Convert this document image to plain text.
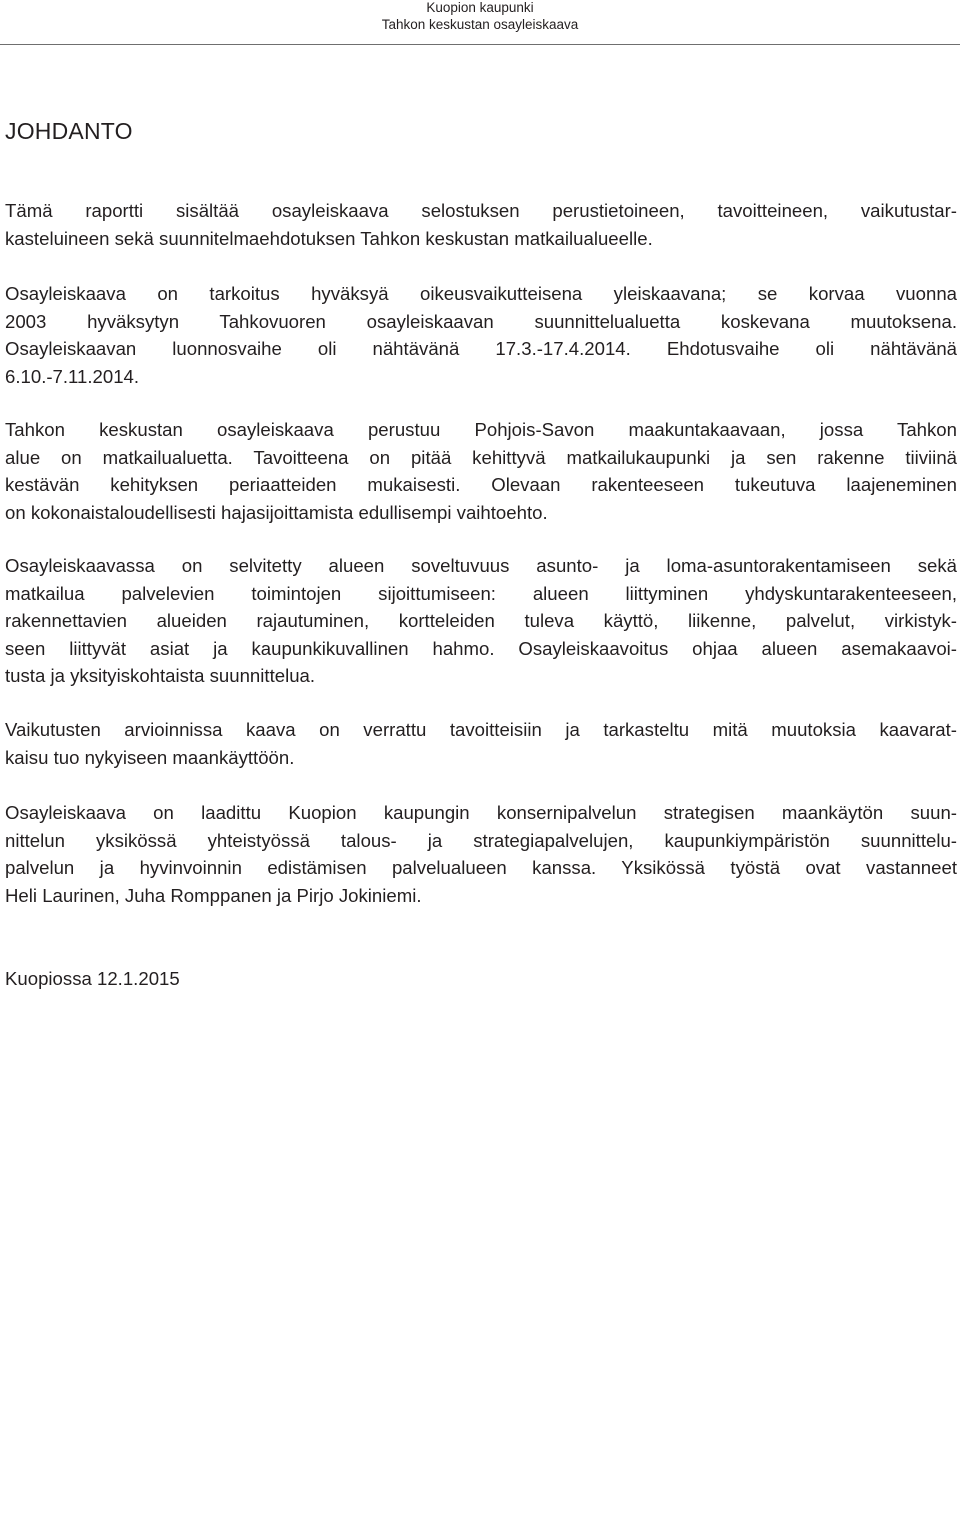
Kuopion kaupunki
Tahkon keskustan osayleiskaava
JOHDANTO

Tämä raportti sisältää osayleiskaava selostuksen perustietoineen, tavoitteineen, vaikutustar-
kasteluineen sekä suunnitelmaehdotuksen Tahkon keskustan matkailualueelle.

Osayleiskaava on tarkoitus hyväksyä oikeusvaikutteisena yleiskaavana; se korvaa vuonna
2003 hyväksytyn Tahkovuoren osayleiskaavan suunnittelualuetta koskevana muutoksena.
Osayleiskaavan luonnosvaihe oli nähtävänä 17.3.-17.4.2014. Ehdotusvaihe oli nähtävänä
6.10.-7.11.2014.

Tahkon keskustan osayleiskaava perustuu Pohjois-Savon maakuntakaavaan, jossa Tahkon
alue on matkailualuetta. Tavoitteena on pitää kehittyvä matkailukaupunki ja sen rakenne tiiviinä
kestävän kehityksen periaatteiden mukaisesti. Olevaan rakenteeseen tukeutuva laajeneminen
on kokonaistaloudellisesti hajasijoittamista edullisempi vaihtoehto.

Osayleiskaavassa on selvitetty alueen soveltuvuus asunto- ja loma-asuntorakentamiseen sekä
matkailua palvelevien toimintojen sijoittumiseen: alueen liittyminen yhdyskuntarakenteeseen,
rakennettavien alueiden rajautuminen, kortteleiden tuleva käyttö, liikenne, palvelut, virkistyk-
seen liittyvät asiat ja kaupunkikuvallinen hahmo. Osayleiskaavoitus ohjaa alueen asemakaavoi-
tusta ja yksityiskohtaista suunnittelua.

Vaikutusten arvioinnissa kaava on verrattu tavoitteisiin ja tarkasteltu mitä muutoksia kaavarat-
kaisu tuo nykyiseen maankäyttöön.

Osayleiskaava on laadittu Kuopion kaupungin konsernipalvelun strategisen maankäytön suun-
nittelun yksikössä yhteistyössä talous- ja strategiapalvelujen, kaupunkiympäristön suunnittelu-
palvelun ja hyvinvoinnin edistämisen palvelualueen kanssa. Yksikössä työstä ovat vastanneet
Heli Laurinen, Juha Romppanen ja Pirjo Jokiniemi.

Kuopiossa 12.1.2015
